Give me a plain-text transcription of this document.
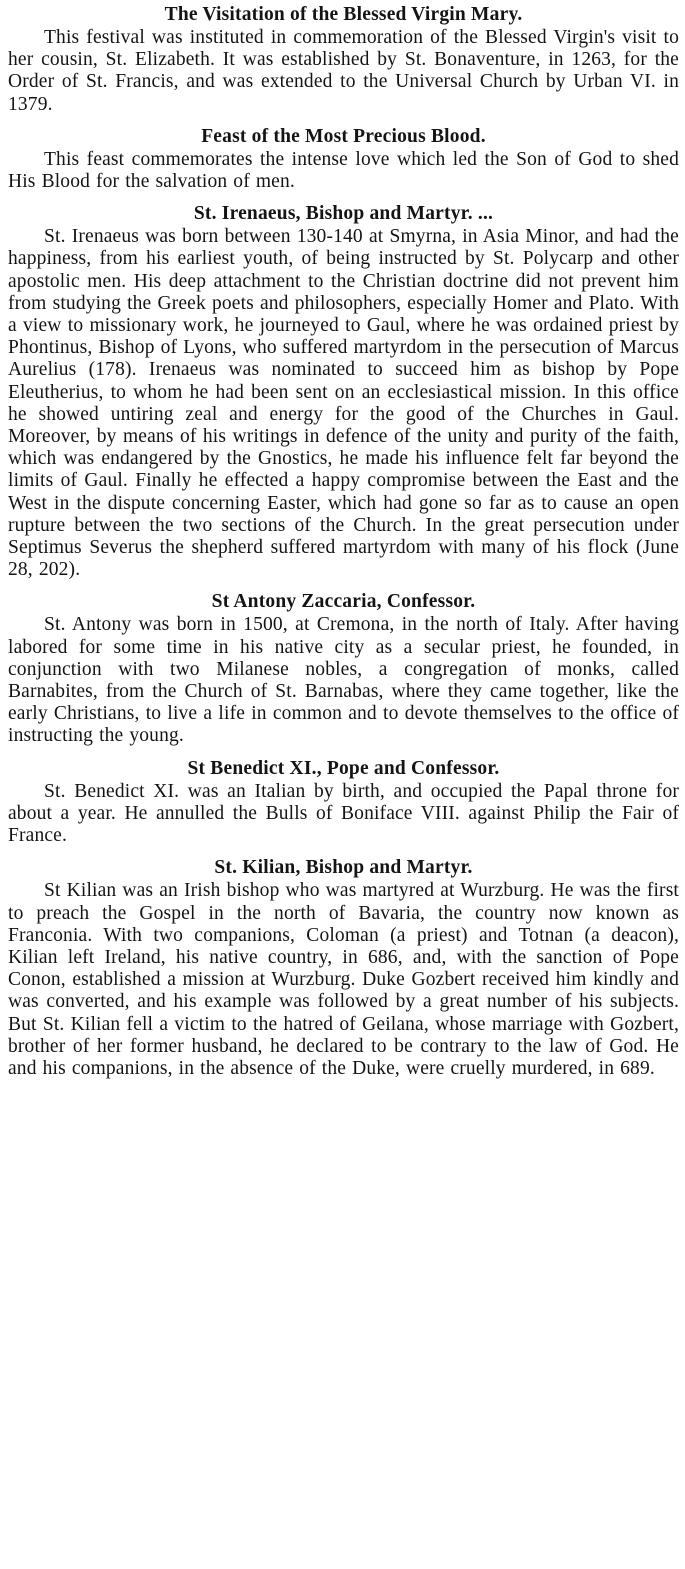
The Visitation of the Blessed Virgin Mary.

This festival was instituted in commemoration of the Blessed Virgin's visit to her cousin, St. Elizabeth. It was established by St. Bonaventure, in 1263, for the Order of St. Francis, and was extended to the Universal Church by Urban VI. in 1379.

Feast of the Most Precious Blood.

This feast commemorates the intense love which led the Son of God to shed His Blood for the salvation of men.

St. Irenaeus, Bishop and Martyr. ...

St. Irenaeus was born between 130-140 at Smyrna, in Asia Minor, and had the happiness, from his earliest youth, of being instructed by St. Polycarp and other apostolic men. His deep attachment to the Christian doctrine did not prevent him from studying the Greek poets and philosophers, especially Homer and Plato. With a view to missionary work, he journeyed to Gaul, where he was ordained priest by Phontinus, Bishop of Lyons, who suffered martyrdom in the persecution of Marcus Aurelius (178). Irenaeus was nominated to succeed him as bishop by Pope Eleutherius, to whom he had been sent on an ecclesiastical mission. In this office he showed untiring zeal and energy for the good of the Churches in Gaul. Moreover, by means of his writings in defence of the unity and purity of the faith, which was endangered by the Gnostics, he made his influence felt far beyond the limits of Gaul. Finally he effected a happy compromise between the East and the West in the dispute concerning Easter, which had gone so far as to cause an open rupture between the two sections of the Church. In the great persecution under Septimus Severus the shepherd suffered martyrdom with many of his flock (June 28, 202).

St Antony Zaccaria, Confessor.

St. Antony was born in 1500, at Cremona, in the north of Italy. After having labored for some time in his native city as a secular priest, he founded, in conjunction with two Milanese nobles, a congregation of monks, called Barnabites, from the Church of St. Barnabas, where they came together, like the early Christians, to live a life in common and to devote themselves to the office of instructing the young.

St Benedict XI., Pope and Confessor.

St. Benedict XI. was an Italian by birth, and occupied the Papal throne for about a year. He annulled the Bulls of Boniface VIII. against Philip the Fair of France.

St. Kilian, Bishop and Martyr.

St Kilian was an Irish bishop who was martyred at Wurzburg. He was the first to preach the Gospel in the north of Bavaria, the country now known as Franconia. With two companions, Coloman (a priest) and Totnan (a deacon), Kilian left Ireland, his native country, in 686, and, with the sanction of Pope Conon, established a mission at Wurzburg. Duke Gozbert received him kindly and was converted, and his example was followed by a great number of his subjects. But St. Kilian fell a victim to the hatred of Geilana, whose marriage with Gozbert, brother of her former husband, he declared to be contrary to the law of God. He and his companions, in the absence of the Duke, were cruelly murdered, in 689.
